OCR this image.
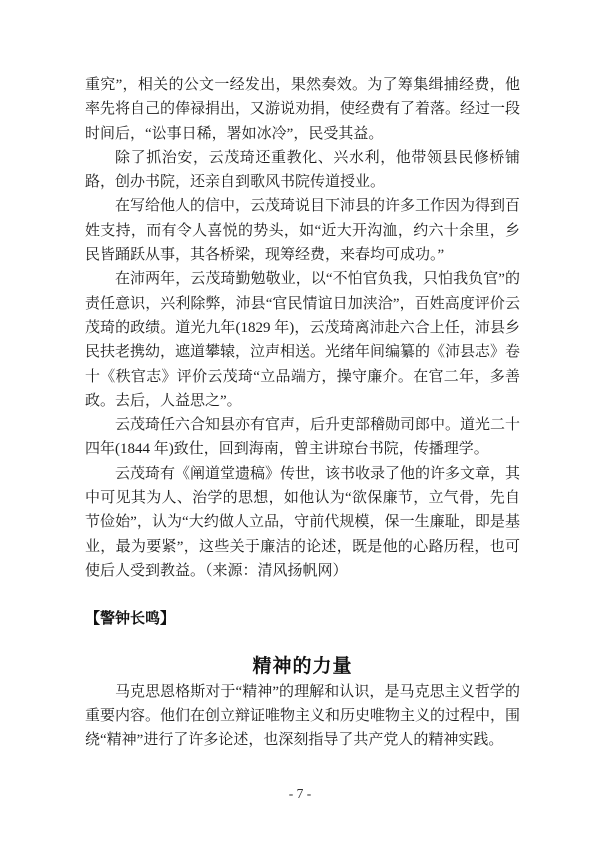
重究”，相关的公文一经发出，果然奏效。为了筹集缉捕经费，他率先将自己的俸禄捐出，又游说劝捐，使经费有了着落。经过一段时间后，“讼事日稀，署如冰冷”，民受其益。

除了抓治安，云茂琦还重教化、兴水利，他带领县民修桥铺路，创办书院，还亲自到歌风书院传道授业。

在写给他人的信中，云茂琦说目下沛县的许多工作因为得到百姓支持，而有令人喜悦的势头，如“近大开沟洫，约六十余里，乡民皆踊跃从事，其各桥梁，现筹经费，来春均可成功。”

在沛两年，云茂琦勤勉敬业，以“不怕官负我，只怕我负官”的责任意识，兴利除弊，沛县“官民情谊日加浃洽”，百姓高度评价云茂琦的政绩。道光九年(1829 年)，云茂琦离沛赴六合上任，沛县乡民扶老携幼，遮道攀辕，泣声相送。光绪年间编纂的《沛县志》卷十《秩官志》评价云茂琦“立品端方，操守廉介。在官二年，多善政。去后，人益思之”。

云茂琦任六合知县亦有官声，后升吏部稽勋司郎中。道光二十四年(1844 年)致仕，回到海南，曾主讲琼台书院，传播理学。

云茂琦有《阐道堂遗稿》传世，该书收录了他的许多文章，其中可见其为人、治学的思想，如他认为“欲保廉节，立气骨，先自节俭始”，认为“大约做人立品，守前代规模，保一生廉耻，即是基业，最为要紧”，这些关于廉洁的论述，既是他的心路历程，也可使后人受到教益。（来源：清风扬帆网）

【警钟长鸣】
精神的力量

马克思恩格斯对于“精神”的理解和认识，是马克思主义哲学的重要内容。他们在创立辩证唯物主义和历史唯物主义的过程中，围绕“精神”进行了许多论述，也深刻指导了共产党人的精神实践。

- 7 -
